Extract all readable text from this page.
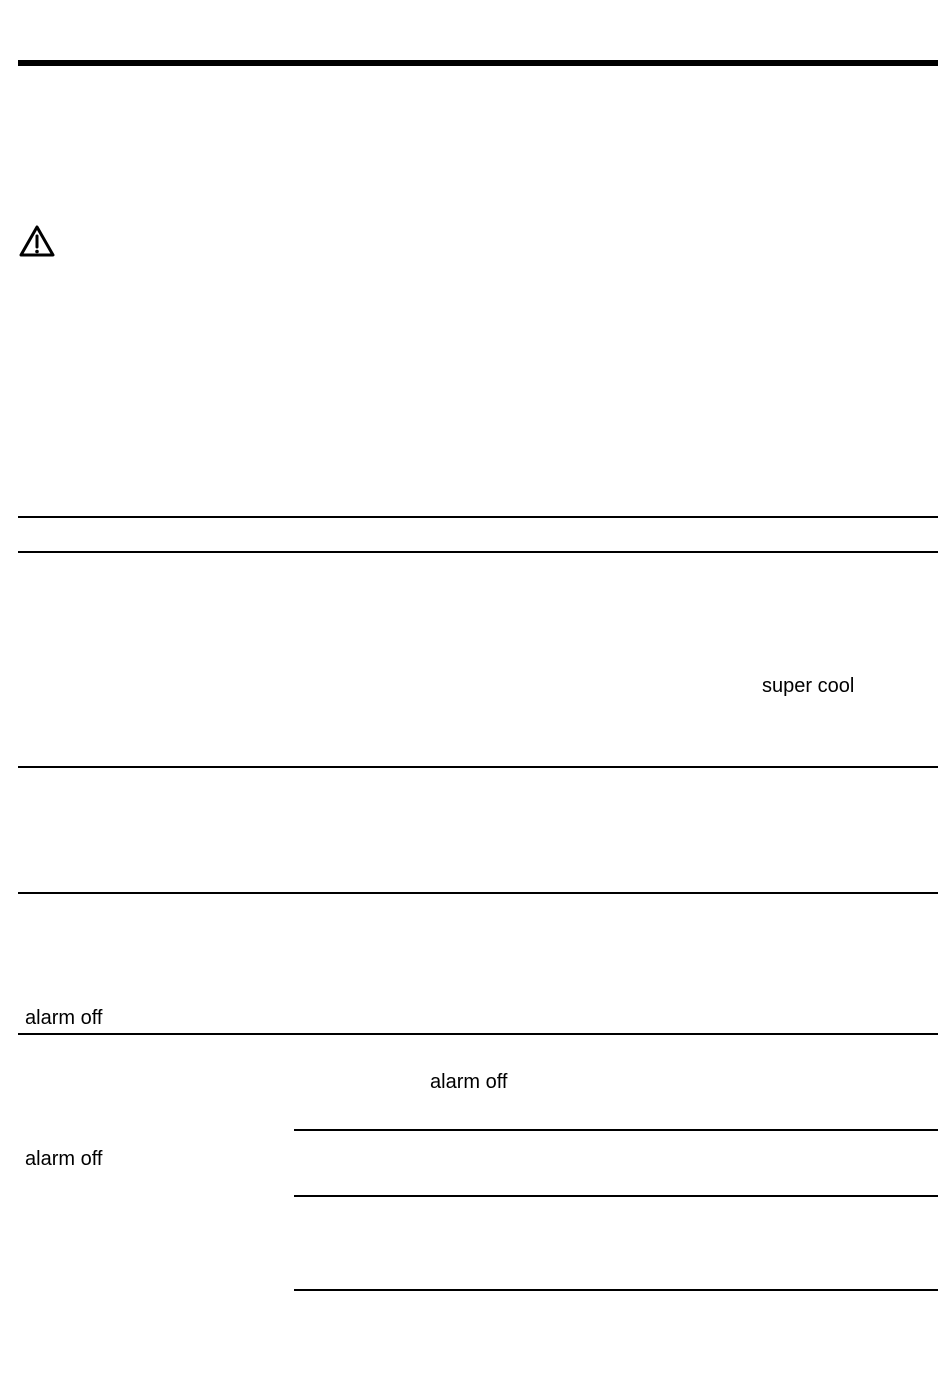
super cool
alarm off
alarm off
alarm off
